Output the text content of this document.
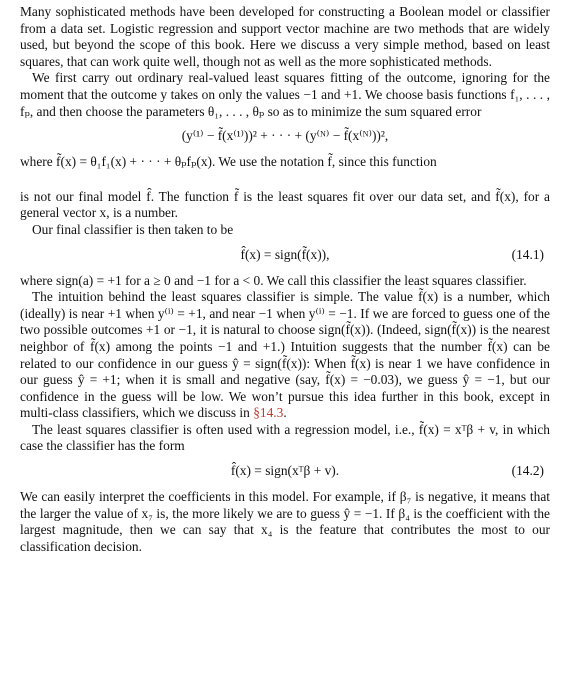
Many sophisticated methods have been developed for constructing a Boolean model or classifier from a data set. Logistic regression and support vector machine are two methods that are widely used, but beyond the scope of this book. Here we discuss a very simple method, based on least squares, that can work quite well, though not as well as the more sophisticated methods.

We first carry out ordinary real-valued least squares fitting of the outcome, ignoring for the moment that the outcome y takes on only the values −1 and +1. We choose basis functions f₁, . . . , fₚ, and then choose the parameters θ₁, . . . , θₚ so as to minimize the sum squared error

(y⁽¹⁾ − f̃(x⁽¹⁾))² + · · · + (y⁽ᴺ⁾ − f̃(x⁽ᴺ⁾))²,

where f̃(x) = θ₁f₁(x) + · · · + θₚfₚ(x). We use the notation f̃, since this function

is not our final model f̂. The function f̃ is the least squares fit over our data set, and f̃(x), for a general vector x, is a number.

Our final classifier is then taken to be

f̂(x) = sign(f̃(x)),	(14.1)

where sign(a) = +1 for a ≥ 0 and −1 for a < 0. We call this classifier the least squares classifier.

The intuition behind the least squares classifier is simple. The value f̃(x) is a number, which (ideally) is near +1 when y⁽ⁱ⁾ = +1, and near −1 when y⁽ⁱ⁾ = −1. If we are forced to guess one of the two possible outcomes +1 or −1, it is natural to choose sign(f̃(x)). (Indeed, sign(f̃(x)) is the nearest neighbor of f̃(x) among the points −1 and +1.) Intuition suggests that the number f̃(x) can be related to our confidence in our guess ŷ = sign(f̃(x)): When f̃(x) is near 1 we have confidence in our guess ŷ = +1; when it is small and negative (say, f̃(x) = −0.03), we guess ŷ = −1, but our confidence in the guess will be low. We won’t pursue this idea further in this book, except in multi-class classifiers, which we discuss in §14.3.

The least squares classifier is often used with a regression model, i.e., f̃(x) = xᵀβ + v, in which case the classifier has the form

f̂(x) = sign(xᵀβ + v).	(14.2)

We can easily interpret the coefficients in this model. For example, if β₇ is negative, it means that the larger the value of x₇ is, the more likely we are to guess ŷ = −1. If β₄ is the coefficient with the largest magnitude, then we can say that x₄ is the feature that contributes the most to our classification decision.
